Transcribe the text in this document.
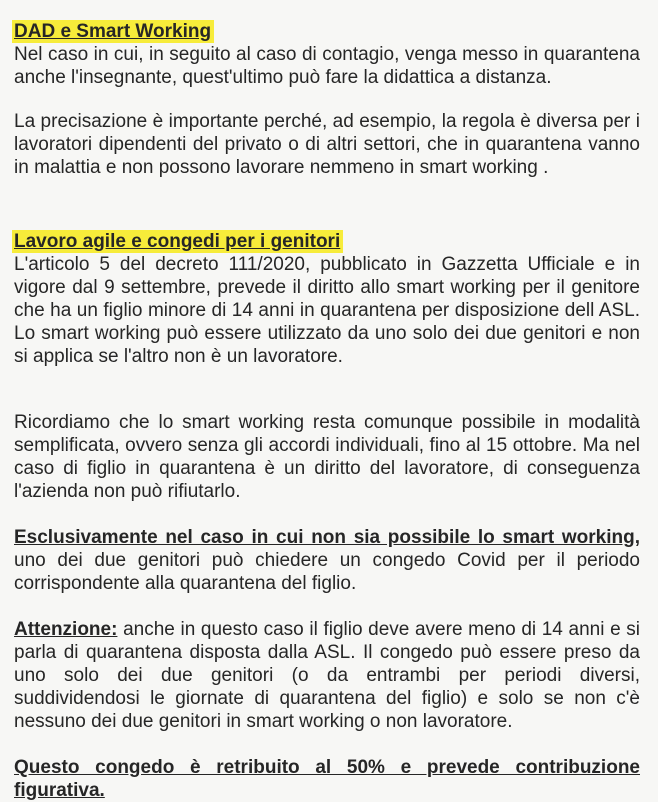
DAD e Smart Working

Nel caso in cui, in seguito al caso di contagio, venga messo in quarantena anche l'insegnante, quest'ultimo può fare la didattica a distanza.

La precisazione è importante perché, ad esempio, la regola è diversa per i lavoratori dipendenti del privato o di altri settori, che in quarantena vanno in malattia e non possono lavorare nemmeno in smart working .

Lavoro agile e congedi per i genitori

L'articolo 5 del decreto 111/2020, pubblicato in Gazzetta Ufficiale e in vigore dal 9 settembre, prevede il diritto allo smart working per il genitore che ha un figlio minore di 14 anni in quarantena per disposizione dell ASL. Lo smart working può essere utilizzato da uno solo dei due genitori e non si applica se l'altro non è un lavoratore.

Ricordiamo che lo smart working resta comunque possibile in modalità semplificata, ovvero senza gli accordi individuali, fino al 15 ottobre. Ma nel caso di figlio in quarantena è un diritto del lavoratore, di conseguenza l'azienda non può rifiutarlo.

Esclusivamente nel caso in cui non sia possibile lo smart working, uno dei due genitori può chiedere un congedo Covid per il periodo corrispondente alla quarantena del figlio.

Attenzione: anche in questo caso il figlio deve avere meno di 14 anni e si parla di quarantena disposta dalla ASL. Il congedo può essere preso da uno solo dei due genitori (o da entrambi per periodi diversi, suddividendosi le giornate di quarantena del figlio) e solo se non c'è nessuno dei due genitori in smart working o non lavoratore.

Questo congedo è retribuito al 50% e prevede contribuzione figurativa.
